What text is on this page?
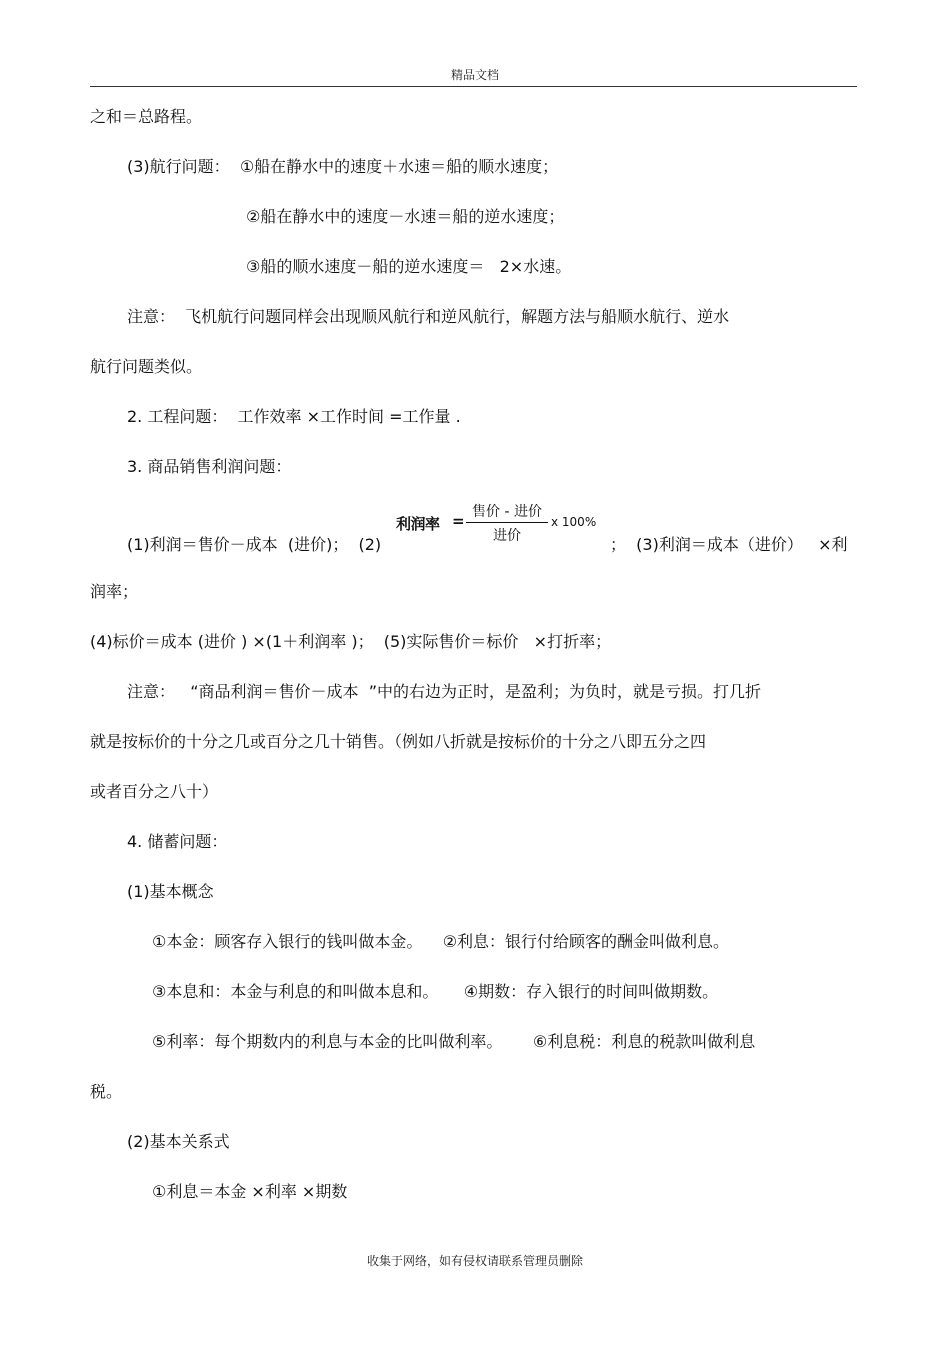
精品文档
之和＝总路程。
(3)航行问题：  ①船在静水中的速度＋水速＝船的顺水速度；
②船在静水中的速度－水速＝船的逆水速度；
③船的顺水速度－船的逆水速度＝   2×水速。
注意：  飞机航行问题同样会出现顺风航行和逆风航行，解题方法与船顺水航行、逆水
航行问题类似。
2. 工程问题：  工作效率 ×工作时间 =工作量 .
3. 商品销售利润问题：
利润率 = 售价 - 进价
进价
x 100%
(1)利润＝售价－成本  (进价)；  (2)	；  (3)利润＝成本（进价）   ×利
润率；
(4)标价＝成本 (进价 ) ×(1＋利润率 )；  (5)实际售价＝标价   ×打折率；
注意：   “商品利润＝售价－成本  ”中的右边为正时，是盈利；为负时，就是亏损。打几折
就是按标价的十分之几或百分之几十销售。（例如八折就是按标价的十分之八即五分之四
或者百分之八十）
4. 储蓄问题：
(1)基本概念
①本金：顾客存入银行的钱叫做本金。    ②利息：银行付给顾客的酬金叫做利息。
③本息和：本金与利息的和叫做本息和。     ④期数：存入银行的时间叫做期数。
⑤利率：每个期数内的利息与本金的比叫做利率。      ⑥利息税：利息的税款叫做利息
税。
(2)基本关系式
①利息＝本金 ×利率 ×期数
收集于网络，如有侵权请联系管理员删除
